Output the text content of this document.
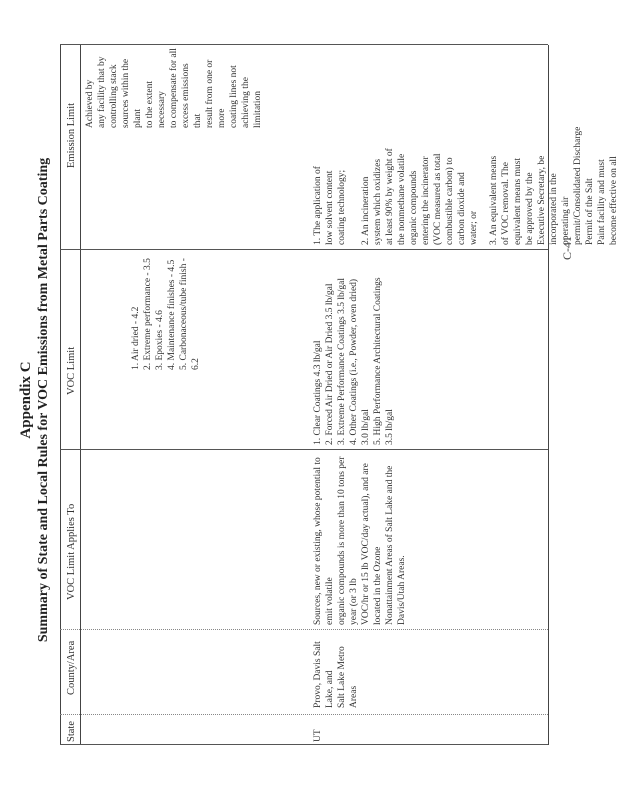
Appendix C Summary of State and Local Rules for VOC Emissions from Metal Parts Coating
State
County/Area
VOC Limit Applies To
VOC Limit
Emission Limit
1. Air dried - 4.2 2. Extreme performance - 3.5 3. Epoxies - 4.6 4. Maintenance finishes - 4.5 5. Carbonaceous/tube finish - 6.2
Achieved by any facility that by controlling stack sources within the plant to the extent necessary to compensate for all excess emissions that result from one or more coating lines not achieving the limitation
UT
Provo, Davis Salt Lake, and Salt Lake Metro Areas
Sources, new or existing, whose potential to emit volatile organic compounds is more than 10 tons per year (or 3 lb VOC/hr or 15 lb VOC/day actual), and are located in the Ozone Nonattainment Areas of Salt Lake and the Davis/Utah Areas.
1. Clear Coatings 4.3 lb/gal 2. Forced Air Dried or Air Dried 3.5 lb/gal 3. Extreme Performance Coatings 3.5 lb/gal 4. Other Coatings (i.e., Powder, oven dried) 3.0 lb/gal 5. High Performance Architectural Coatings 3.5 lb/gal
1. The application of low solvent content coating technology; 2. An incineration system which oxidizes at least 90% by weight of the nonmethane volatile organic compounds entering the incinerator (VOC measured as total combustible carbon) to carbon dioxide and water; or 3. An equivalent means of VOC removal. The equivalent means must be approved by the Executive Secretary, be incorporated in the operating air permit/Consolidated Discharge Permit of the Salt Paint facility and must become effective on all
C-41
